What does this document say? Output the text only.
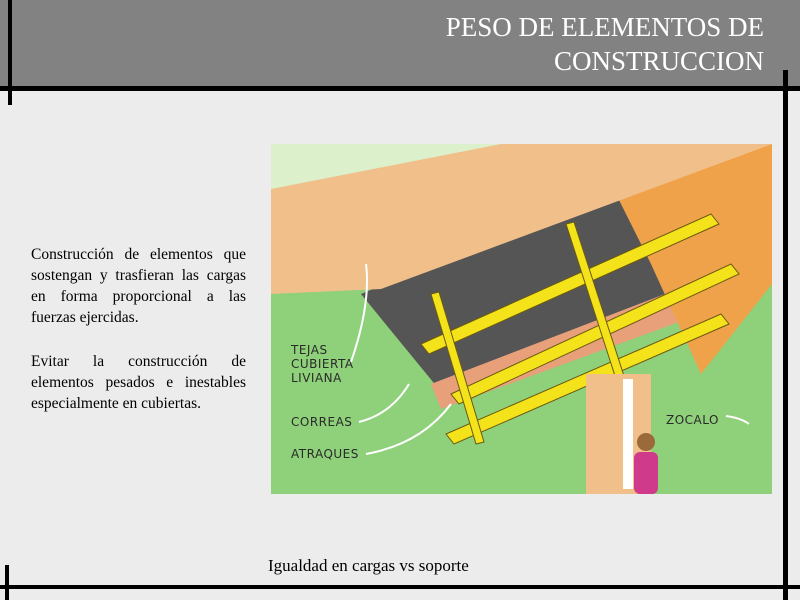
PESO DE ELEMENTOS DE
CONSTRUCCION
Construcción de elementos que sostengan y trasfieran las cargas en forma proporcional a las fuerzas ejercidas.
Evitar la construcción de elementos pesados e inestables especialmente en cubiertas.
TEJAS
CUBIERTA
LIVIANA
CORREAS
ATRAQUES
ZOCALO
Igualdad en cargas vs soporte
